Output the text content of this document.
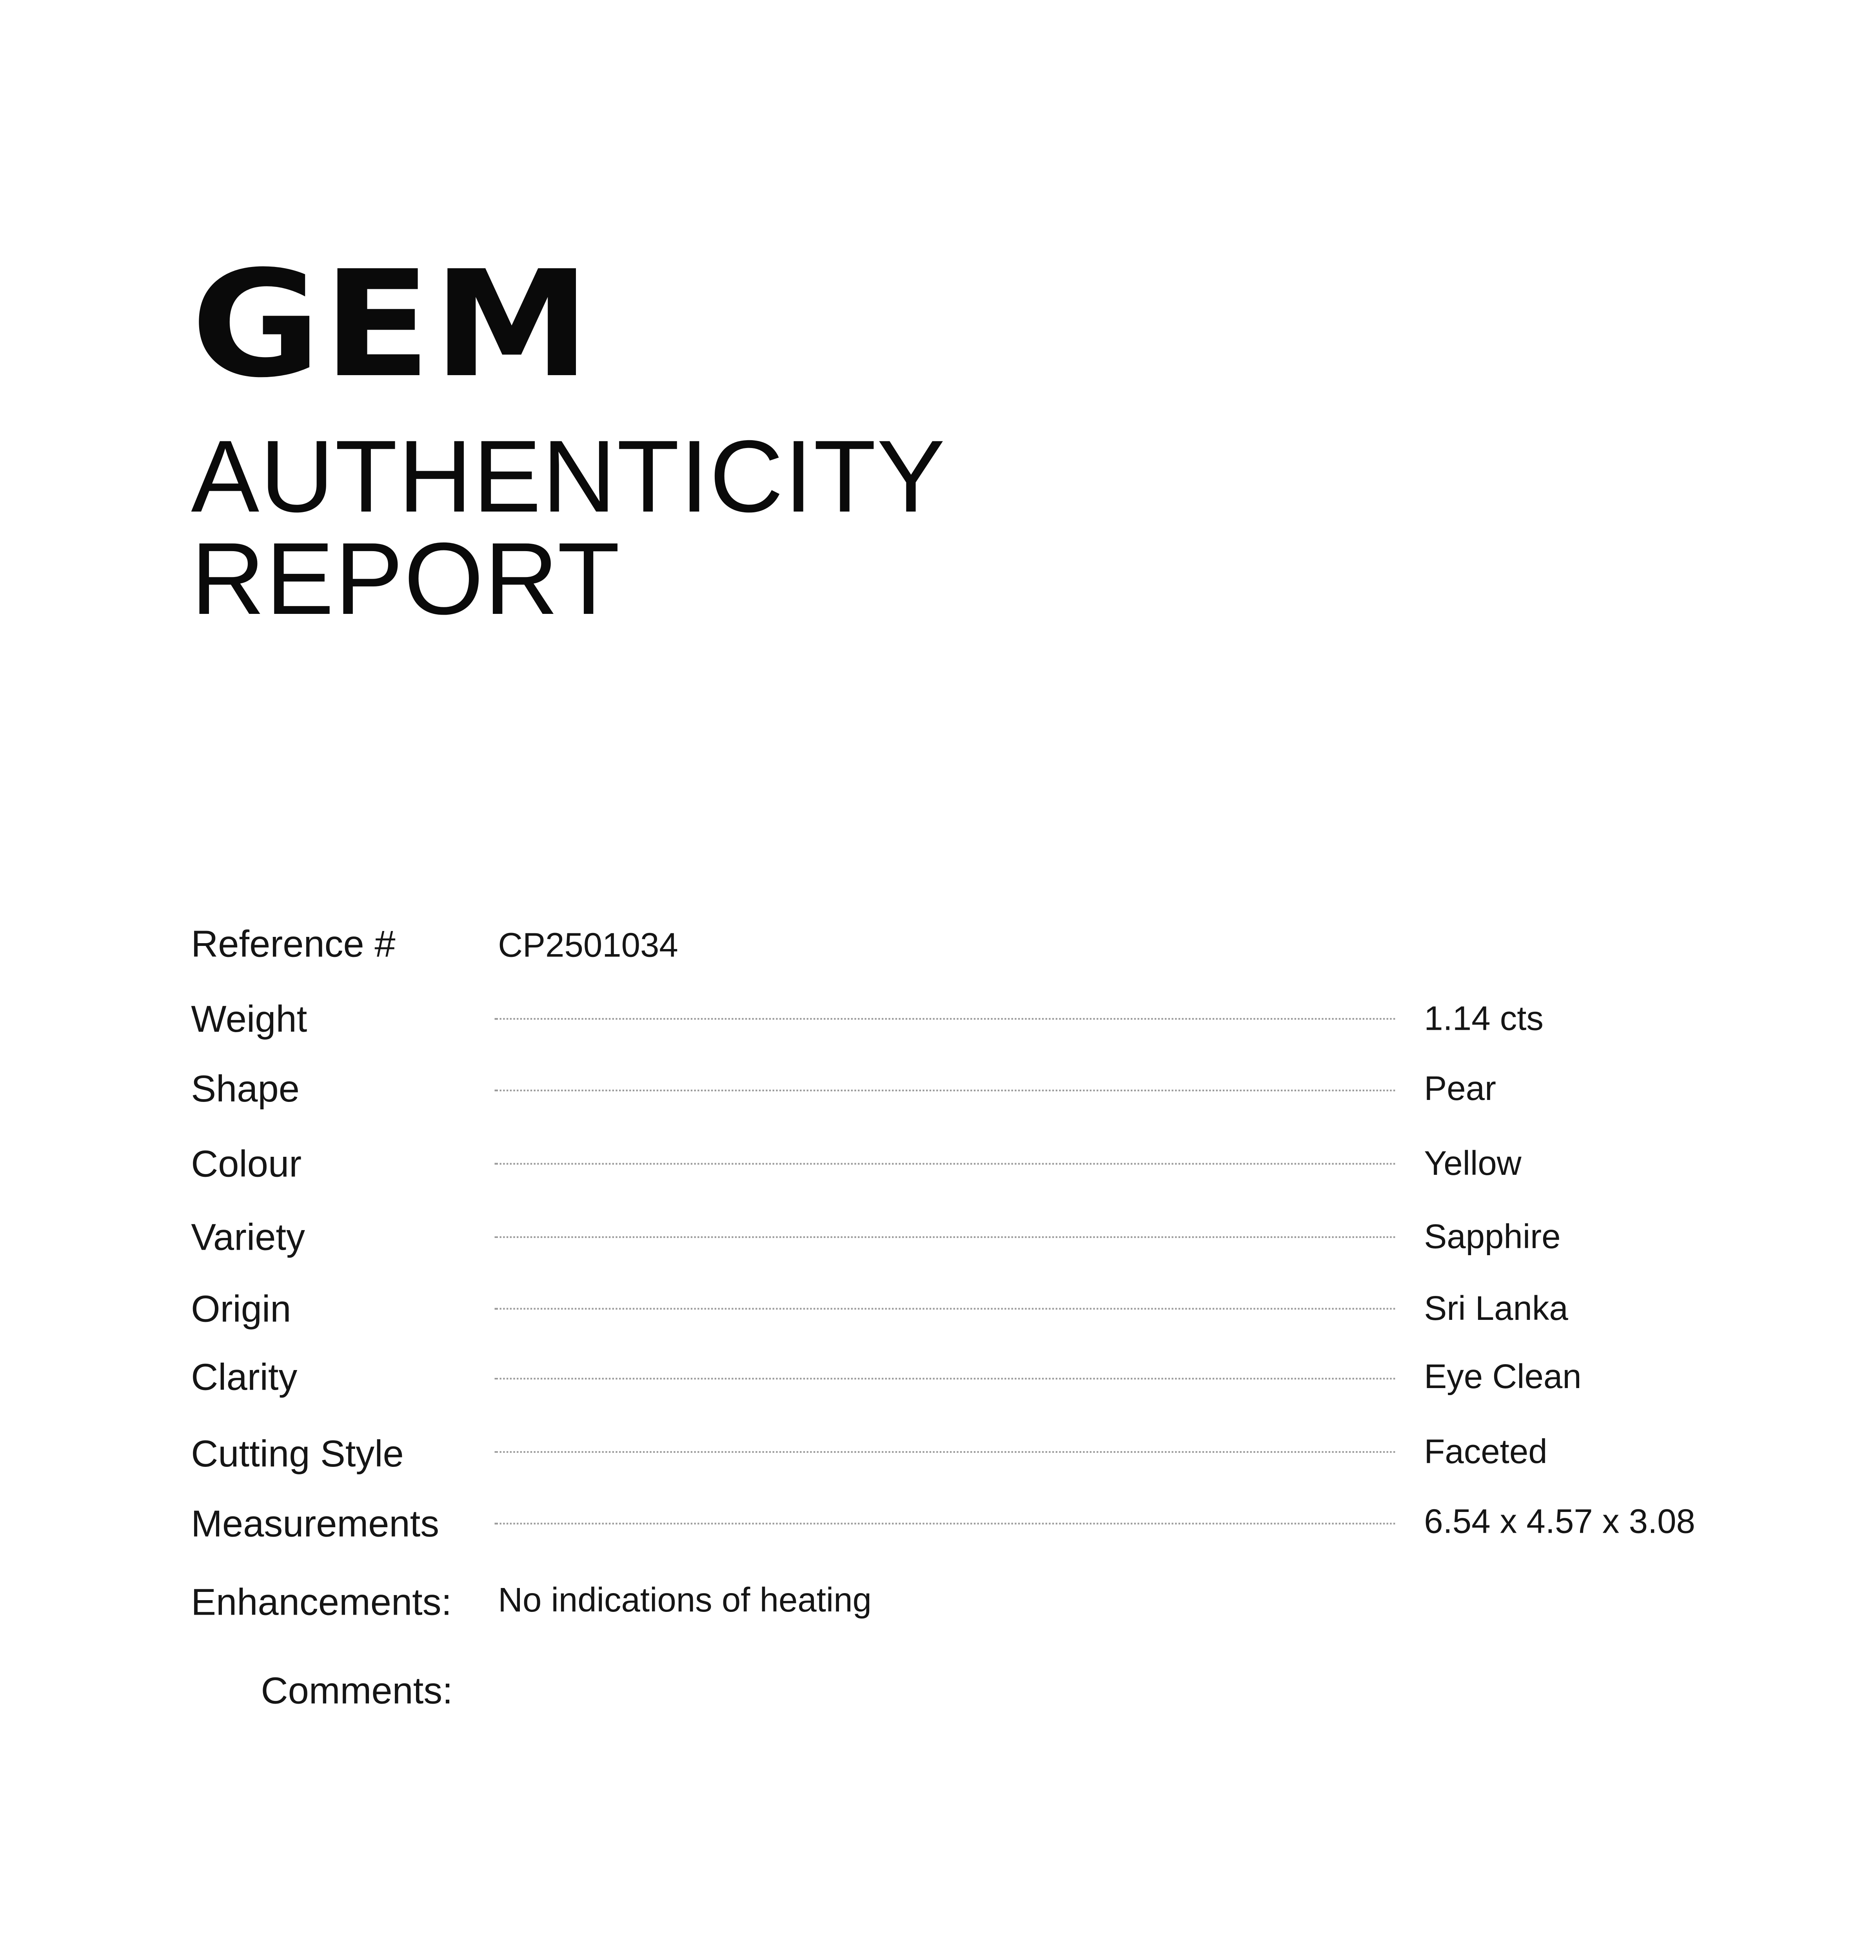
GEM
AUTHENTICITY
REPORT
Reference #	CP2501034
Weight	1.14 cts
Shape	Pear
Colour	Yellow
Variety	Sapphire
Origin	Sri Lanka
Clarity	Eye Clean
Cutting Style	Faceted
Measurements	6.54 x 4.57 x 3.08
Enhancements:	No indications of heating
Comments:
